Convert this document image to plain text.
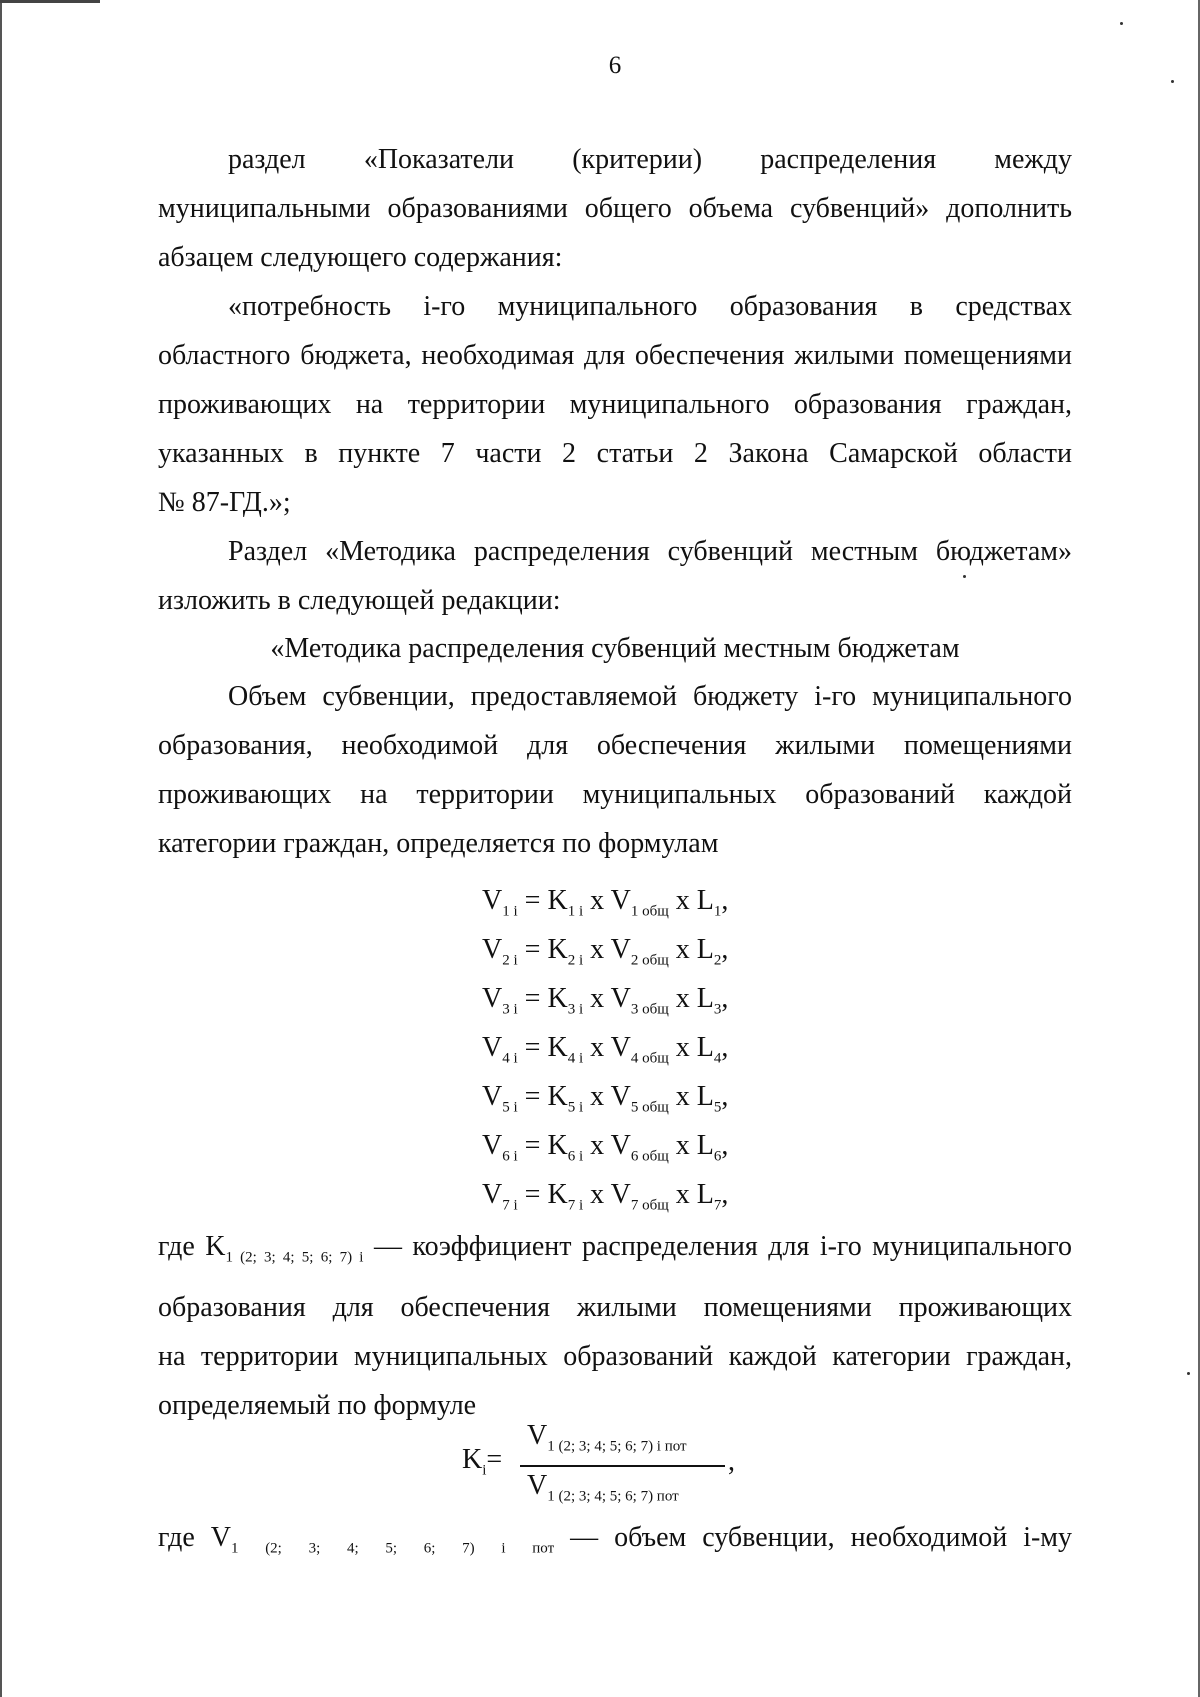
6
раздел «Показатели (критерии) распределения между
муниципальными образованиями общего объема субвенций» дополнить
абзацем следующего содержания:
«потребность i-го муниципального образования в средствах
областного бюджета, необходимая для обеспечения жилыми помещениями
проживающих на территории муниципального образования граждан,
указанных в пункте 7 части 2 статьи 2 Закона Самарской области
№ 87-ГД.»;
Раздел «Методика распределения субвенций местным бюджетам»
изложить в следующей редакции:
«Методика распределения субвенций местным бюджетам
Объем субвенции, предоставляемой бюджету i-го муниципального
образования, необходимой для обеспечения жилыми помещениями
проживающих на территории муниципальных образований каждой
категории граждан, определяется по формулам
$V_{1 i} = K_{1 i}$ x $V_{1 общ}$ x $L_1$,
$V_{2 i} = K_{2 i}$ x $V_{2 общ}$ x $L_2$,
$V_{3 i} = K_{3 i}$ x $V_{3 общ}$ x $L_3$,
$V_{4 i} = K_{4 i}$ x $V_{4 общ}$ x $L_4$,
$V_{5 i} = K_{5 i}$ x $V_{5 общ}$ x $L_5$,
$V_{6 i} = K_{6 i}$ x $V_{6 общ}$ x $L_6$,
$V_{7 i} = K_{7 i}$ x $V_{7 общ}$ x $L_7$,
где $K_{1 (2; 3; 4; 5; 6; 7) i}$ — коэффициент распределения для i-го муниципального
образования для обеспечения жилыми помещениями проживающих
на территории муниципальных образований каждой категории граждан,
определяемый по формуле
$K_i=$
$V_{1 (2; 3; 4; 5; 6; 7) i пот}$ ,
$V_{1 (2; 3; 4; 5; 6; 7) пот}$
где $V_{1 (2; 3; 4; 5; 6; 7) i пот}$ — объем субвенции, необходимой i-му
